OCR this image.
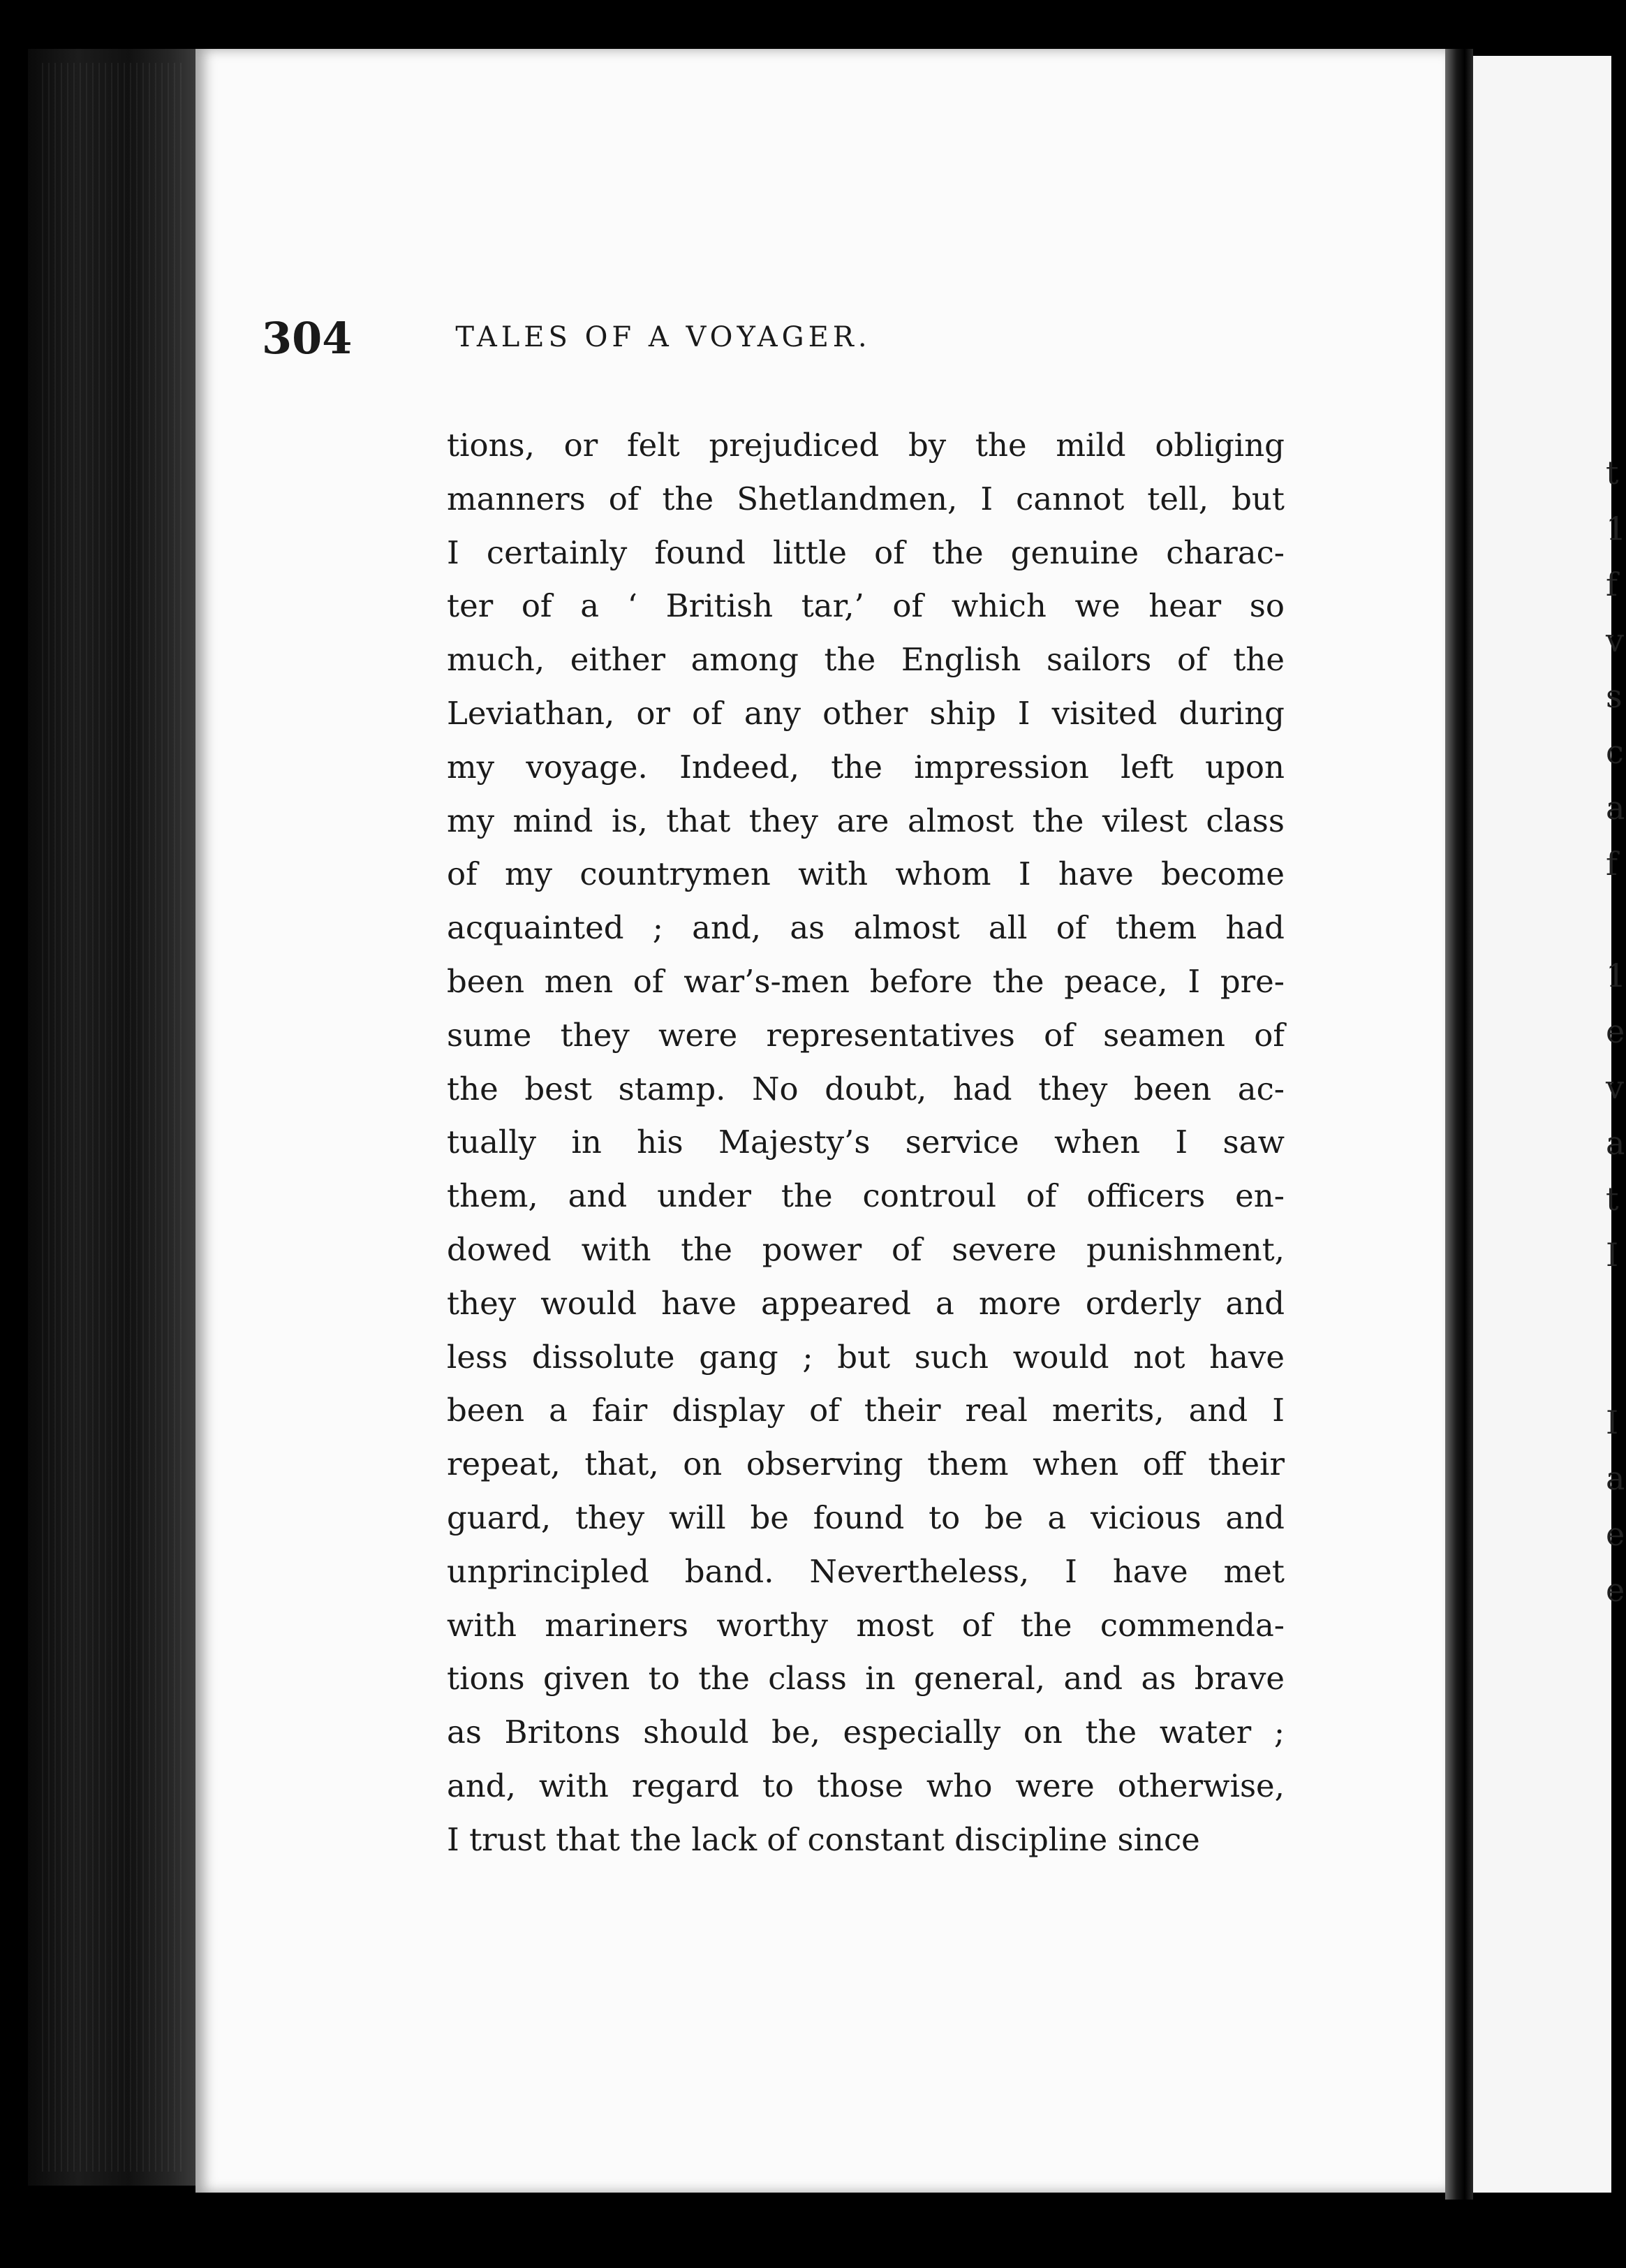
304	TALES OF A VOYAGER.
tions, or felt prejudiced by the mild obliging
manners of the Shetlandmen, I cannot tell, but
I certainly found little of the genuine charac-
ter of a ‘ British tar,’ of which we hear so
much, either among the English sailors of the
Leviathan, or of any other ship I visited during
my voyage. Indeed, the impression left upon
my mind is, that they are almost the vilest class
of my countrymen with whom I have become
acquainted ; and, as almost all of them had
been men of war’s-men before the peace, I pre-
sume they were representatives of seamen of
the best stamp. No doubt, had they been ac-
tually in his Majesty’s service when I saw
them, and under the controul of officers en-
dowed with the power of severe punishment,
they would have appeared a more orderly and
less dissolute gang ; but such would not have
been a fair display of their real merits, and I
repeat, that, on observing them when off their
guard, they will be found to be a vicious and
unprincipled band. Nevertheless, I have met
with mariners worthy most of the commenda-
tions given to the class in general, and as brave
as Britons should be, especially on the water ;
and, with regard to those who were otherwise,
I trust that the lack of constant discipline since
t
1
f
v
s
c
a
f
1
e
v
a
t
I
I
a
e
e
